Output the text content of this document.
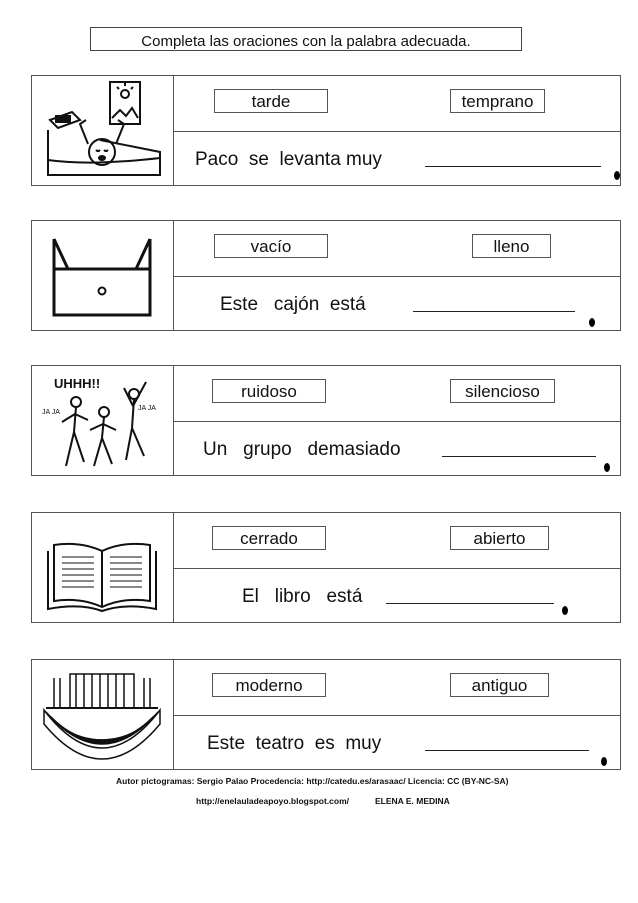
Completa las oraciones con la palabra adecuada.
tarde	temprano
Paco  se  levanta muy
vacío	lleno
Este   cajón  está
UHHH!!
JA JA
JA JA
ruidoso	silencioso
Un   grupo   demasiado
cerrado	abierto
El   libro   está
moderno	antiguo
Este  teatro  es  muy
Autor pictogramas: Sergio Palao Procedencia: http://catedu.es/arasaac/ Licencia: CC (BY-NC-SA)
http://enelauladeapoyo.blogspot.com/	ELENA E. MEDINA
